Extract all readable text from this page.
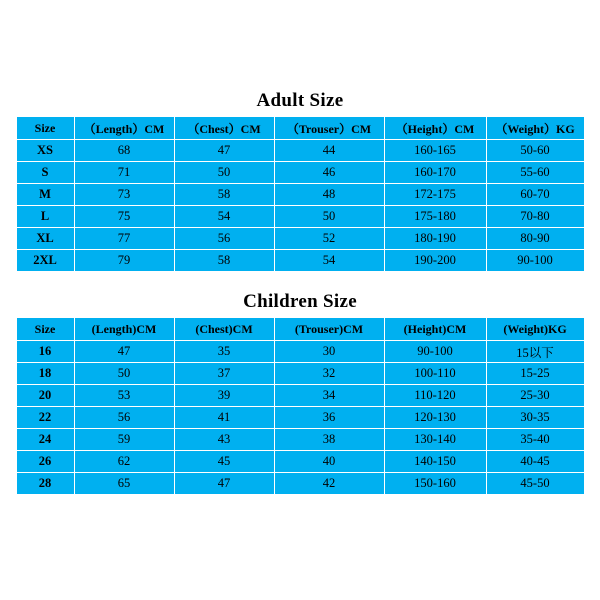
Adult Size
Size	（Length）CM	（Chest）CM	（Trouser）CM	（Height）CM	（Weight）KG
XS	68	47	44	160-165	50-60
S	71	50	46	160-170	55-60
M	73	58	48	172-175	60-70
L	75	54	50	175-180	70-80
XL	77	56	52	180-190	80-90
2XL	79	58	54	190-200	90-100
Children Size
Size	(Length)CM	(Chest)CM	(Trouser)CM	(Height)CM	(Weight)KG
16	47	35	30	90-100	15以下
18	50	37	32	100-110	15-25
20	53	39	34	110-120	25-30
22	56	41	36	120-130	30-35
24	59	43	38	130-140	35-40
26	62	45	40	140-150	40-45
28	65	47	42	150-160	45-50
